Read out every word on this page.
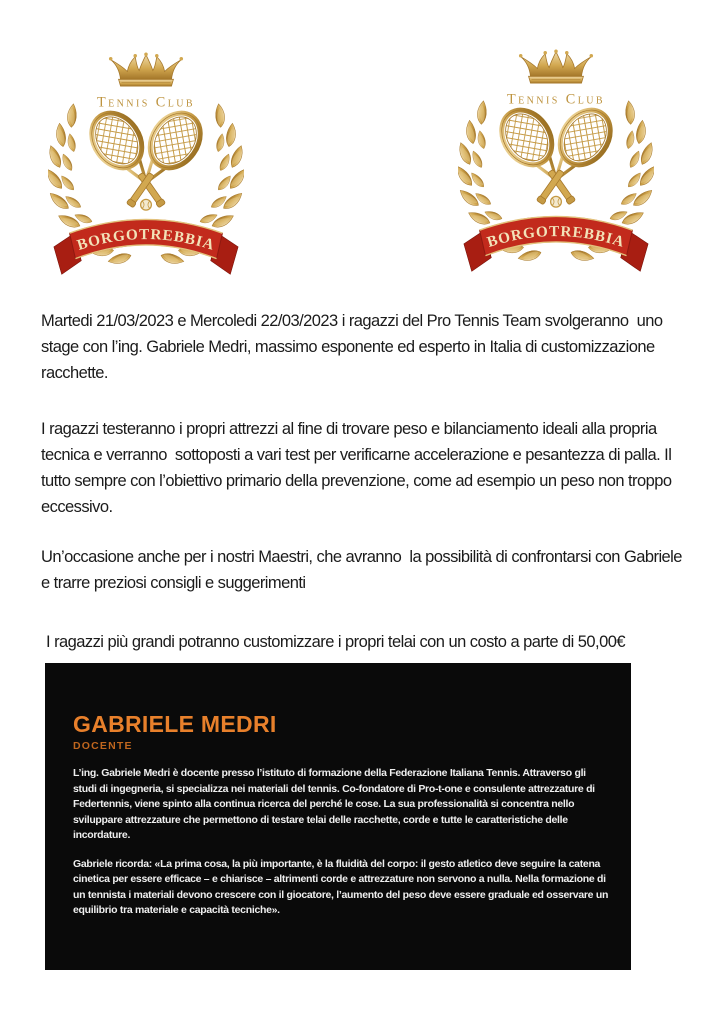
Martedi 21/03/2023 e Mercoledi 22/03/2023 i ragazzi del Pro Tennis Team svolgeranno  uno stage con l’ing. Gabriele Medri, massimo esponente ed esperto in Italia di customizzazione racchette.

I ragazzi testeranno i propri attrezzi al fine di trovare peso e bilanciamento ideali alla propria tecnica e verranno  sottoposti a vari test per verificarne accelerazione e pesantezza di palla. Il tutto sempre con l’obiettivo primario della prevenzione, come ad esempio un peso non troppo eccessivo.

Un’occasione anche per i nostri Maestri, che avranno  la possibilità di confrontarsi con Gabriele  e trarre preziosi consigli e suggerimenti

I ragazzi più grandi potranno customizzare i propri telai con un costo a parte di 50,00€

GABRIELE MEDRI
DOCENTE

L’ing. Gabriele Medri è docente presso l’istituto di formazione della Federazione Italiana Tennis. Attraverso gli studi di ingegneria, si specializza nei materiali del tennis. Co-fondatore di Pro-t-one e consulente attrezzature di Federtennis, viene spinto alla continua ricerca del perché le cose. La sua professionalità si concentra nello sviluppare attrezzature che permettono di testare telai delle racchette, corde e tutte le caratteristiche delle incordature.

Gabriele ricorda: «La prima cosa, la più importante, è la fluidità del corpo: il gesto atletico deve seguire la catena cinetica per essere efficace – e chiarisce – altrimenti corde e attrezzature non servono a nulla. Nella formazione di un tennista i materiali devono crescere con il giocatore, l’aumento del peso deve essere graduale ed osservare un equilibrio tra materiale e capacità tecniche».
